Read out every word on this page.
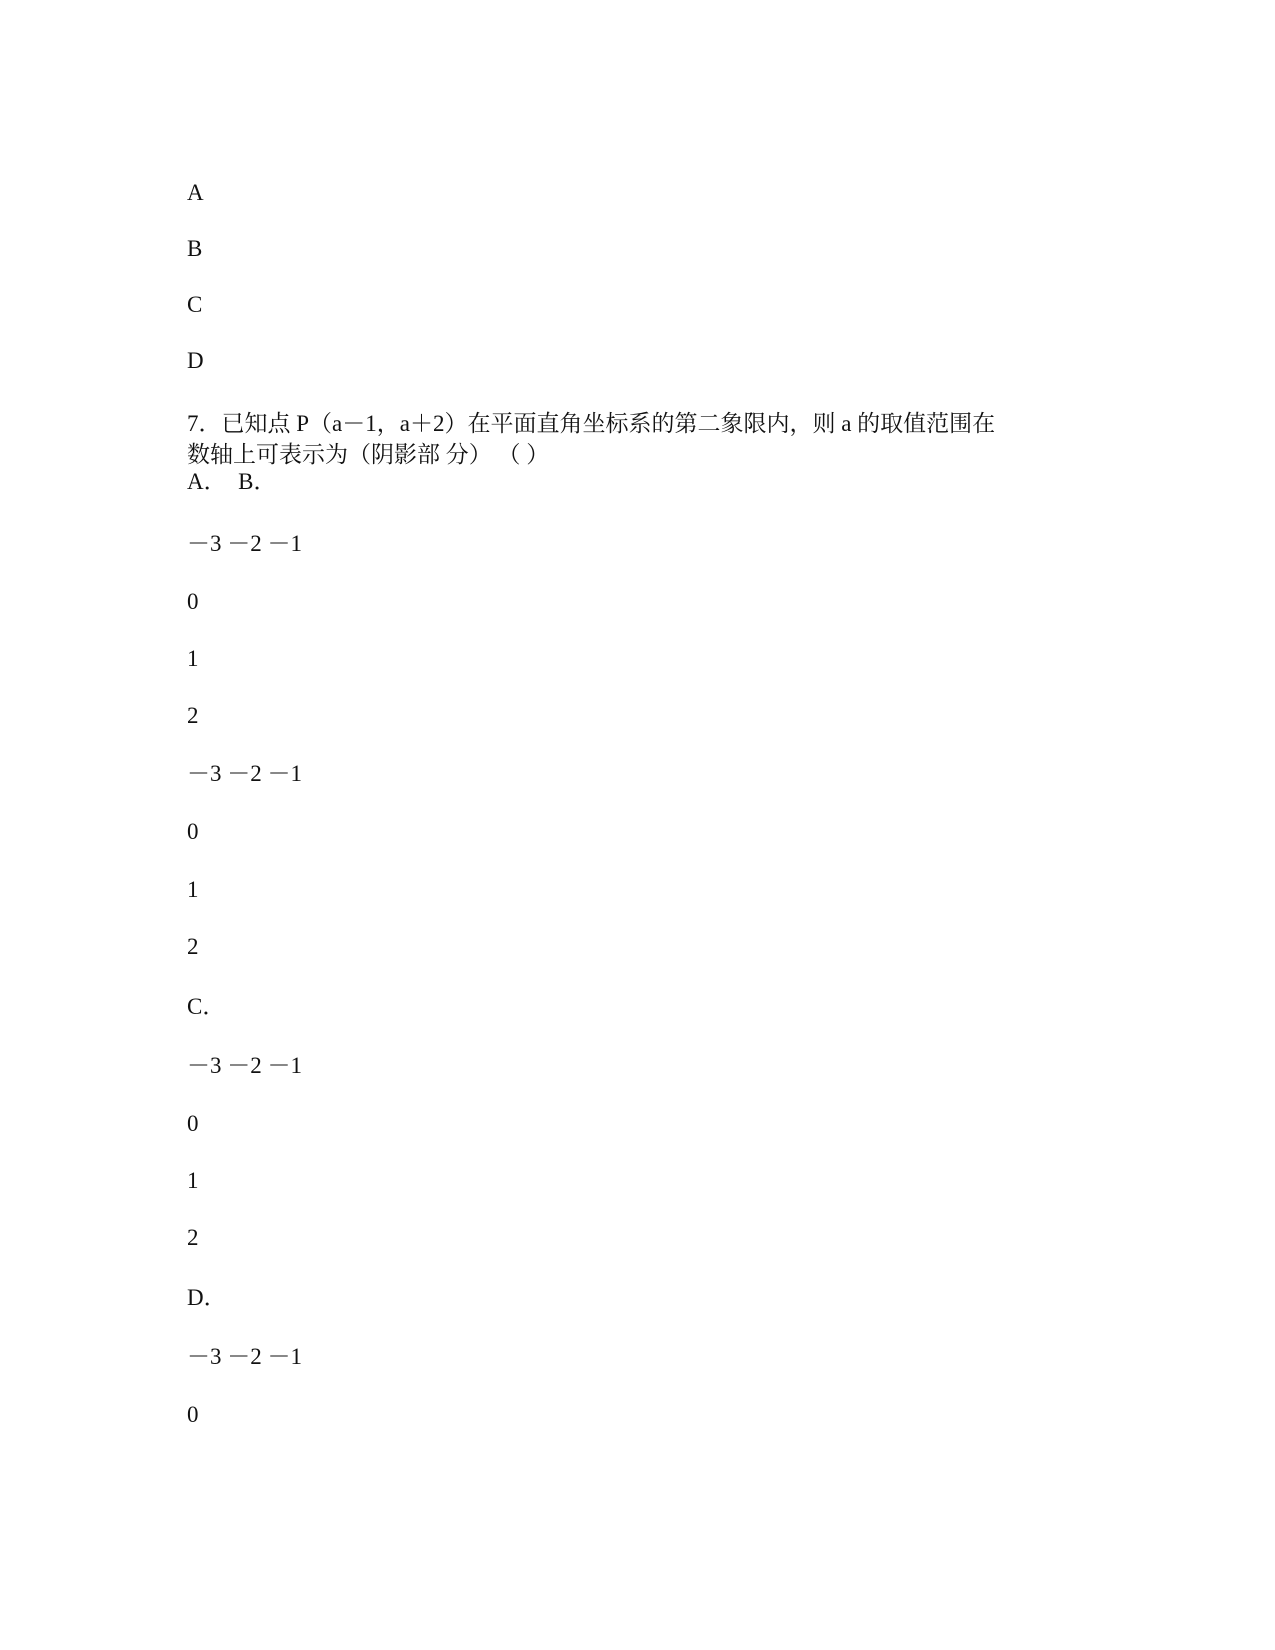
A
B
C
D
7．已知点 P（a－1，a＋2）在平面直角坐标系的第二象限内，则 a 的取值范围在
数轴上可表示为（阴影部 分） （ ）
A．  B．
－3 －2 －1
0
1
2
－3 －2 －1
0
1
2
C．
－3 －2 －1
0
1
2
D．
－3 －2 －1
0
